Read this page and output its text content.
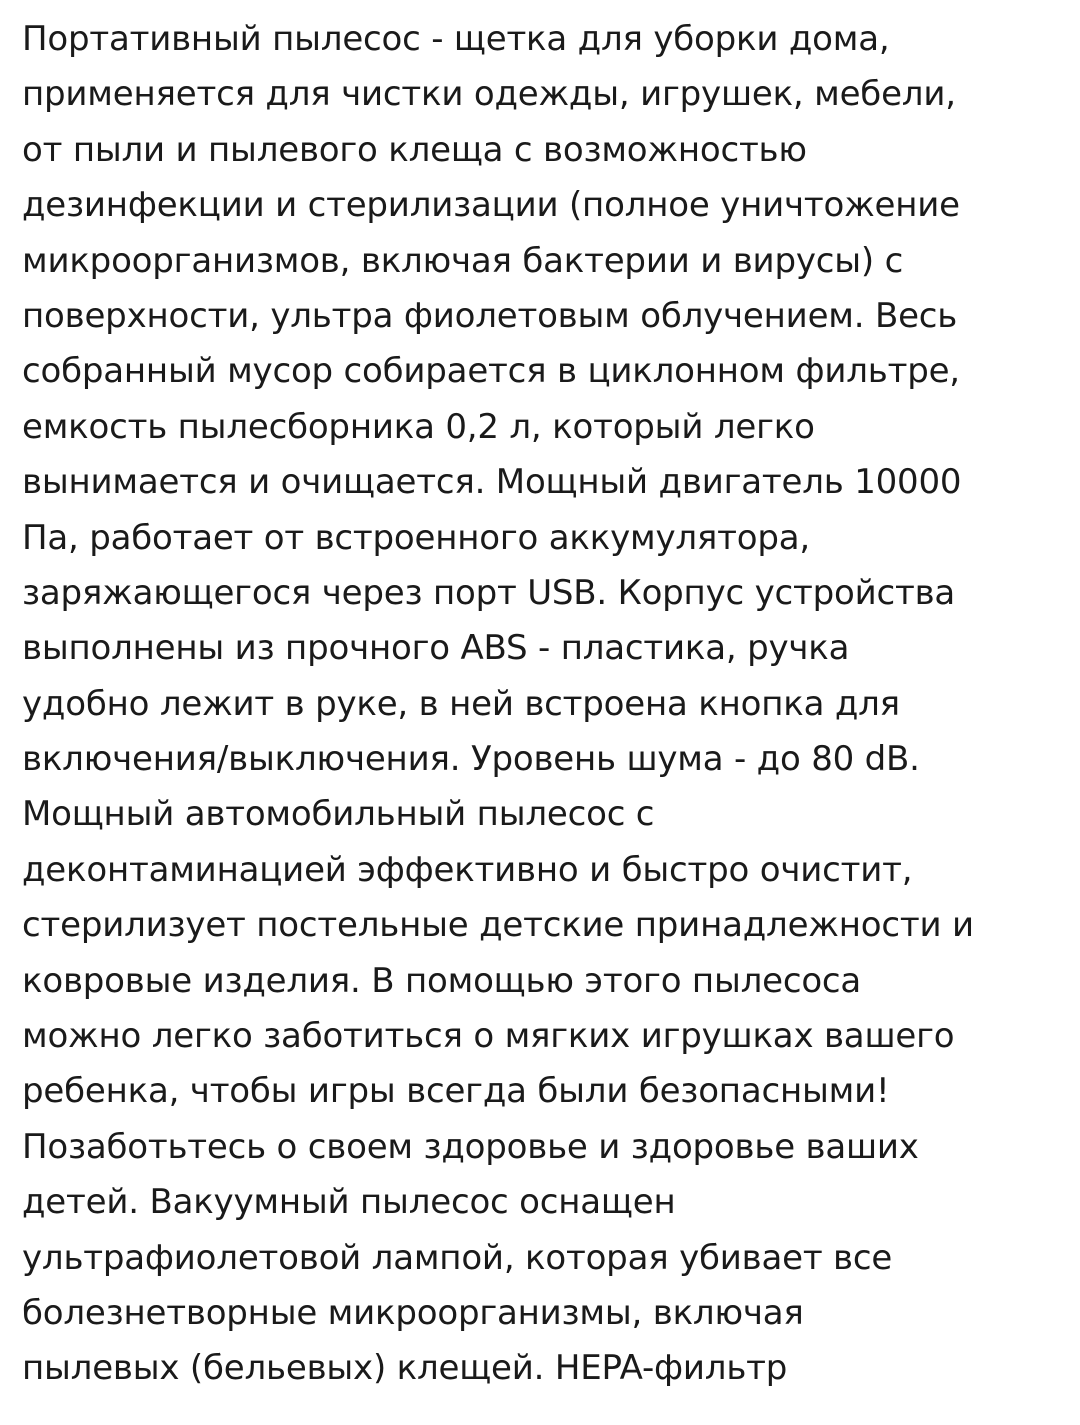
Портативный пылесос - щетка для уборки дома,
применяется для чистки одежды, игрушек, мебели,
от пыли и пылевого клеща с возможностью
дезинфекции и стерилизации (полное уничтожение
микроорганизмов, включая бактерии и вирусы) с
поверхности, ультра фиолетовым облучением. Весь
собранный мусор собирается в циклонном фильтре,
емкость пылесборника 0,2 л, который легко
вынимается и очищается. Мощный двигатель 10000
Па, работает от встроенного аккумулятора,
заряжающегося через порт USB. Корпус устройства
выполнены из прочного ABS - пластика, ручка
удобно лежит в руке, в ней встроена кнопка для
включения/выключения. Уровень шума - до 80 dB.
Мощный автомобильный пылесос с
деконтаминацией эффективно и быстро очистит,
стерилизует постельные детские принадлежности и
ковровые изделия. В помощью этого пылесоса
можно легко заботиться о мягких игрушках вашего
ребенка, чтобы игры всегда были безопасными!
Позаботьтесь о своем здоровье и здоровье ваших
детей. Вакуумный пылесос оснащен
ультрафиолетовой лампой, которая убивает все
болезнетворные микроорганизмы, включая
пылевых (бельевых) клещей. HEPA-фильтр
